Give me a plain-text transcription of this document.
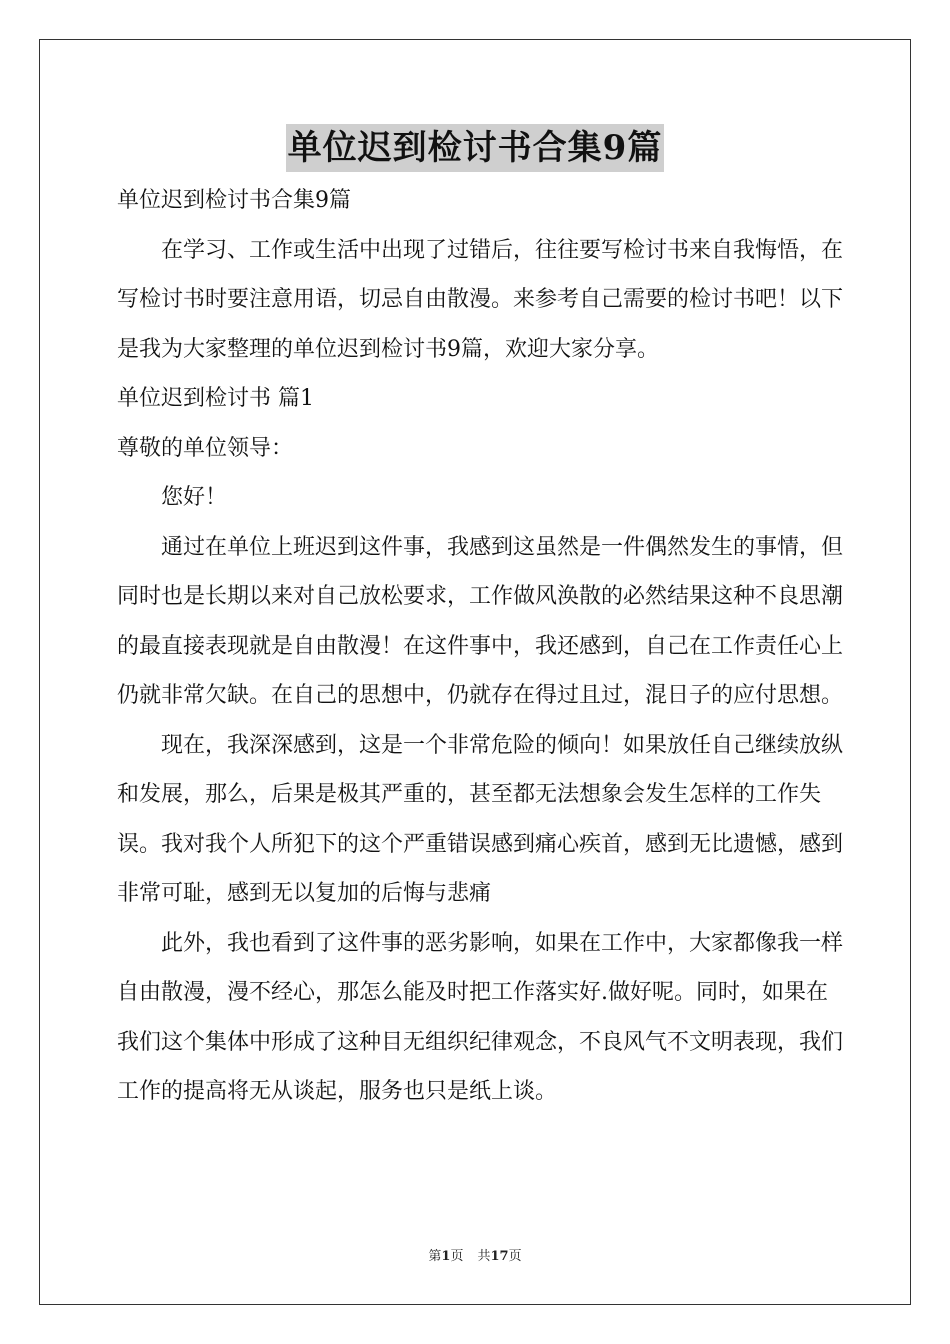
单位迟到检讨书合集9篇

单位迟到检讨书合集9篇

在学习、工作或生活中出现了过错后，往往要写检讨书来自我悔悟，在写检讨书时要注意用语，切忌自由散漫。来参考自己需要的检讨书吧！以下是我为大家整理的单位迟到检讨书9篇，欢迎大家分享。

单位迟到检讨书 篇1

尊敬的单位领导：

您好！

通过在单位上班迟到这件事，我感到这虽然是一件偶然发生的事情，但同时也是长期以来对自己放松要求，工作做风涣散的必然结果这种不良思潮的最直接表现就是自由散漫！在这件事中，我还感到，自己在工作责任心上仍就非常欠缺。在自己的思想中，仍就存在得过且过，混日子的应付思想。

现在，我深深感到，这是一个非常危险的倾向！如果放任自己继续放纵和发展，那么，后果是极其严重的，甚至都无法想象会发生怎样的工作失误。我对我个人所犯下的这个严重错误感到痛心疾首，感到无比遗憾，感到非常可耻，感到无以复加的后悔与悲痛

此外，我也看到了这件事的恶劣影响，如果在工作中，大家都像我一样自由散漫，漫不经心，那怎么能及时把工作落实好.做好呢。同时，如果在我们这个集体中形成了这种目无组织纪律观念，不良风气不文明表现，我们工作的提高将无从谈起，服务也只是纸上谈。

第1页 共17页
